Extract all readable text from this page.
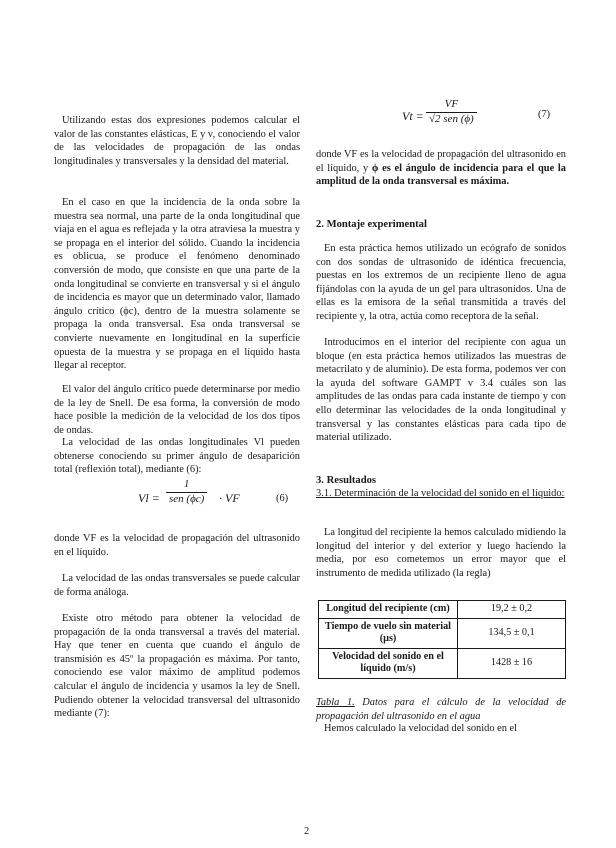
Utilizando estas dos expresiones podemos calcular el valor de las constantes elásticas, E y ν, conociendo el valor de las velocidades de propagación de las ondas longitudinales y transversales y la densidad del material.

En el caso en que la incidencia de la onda sobre la muestra sea normal, una parte de la onda longitudinal que viaja en el agua es reflejada y la otra atraviesa la muestra y se propaga en el interior del sólido. Cuando la incidencia es oblicua, se produce el fenómeno denominado conversión de modo, que consiste en que una parte de la onda longitudinal se convierte en transversal y si el ángulo de incidencia es mayor que un determinado valor, llamado ángulo crítico (ϕc), dentro de la muestra solamente se propaga la onda transversal. Esa onda transversal se convierte nuevamente en longitudinal en la superficie opuesta de la muestra y se propaga en el líquido hasta llegar al receptor.

El valor del ángulo crítico puede determinarse por medio de la ley de Snell. De esa forma, la conversión de modo hace posible la medición de la velocidad de los dos tipos de ondas.

La velocidad de las ondas longitudinales Vl pueden obtenerse conociendo su primer ángulo de desaparición total (reflexión total), mediante (6):

Vl =
1
sen (ϕc) · VF	(6)

donde VF es la velocidad de propagación del ultrasonido en el líquido.

La velocidad de las ondas transversales se puede calcular de forma análoga.

Existe otro método para obtener la velocidad de propagación de la onda transversal a través del material. Hay que tener en cuenta que cuando el ángulo de transmisión es 45º la propagación es máxima. Por tanto, conociendo ese valor máximo de amplitud podemos calcular el ángulo de incidencia y usamos la ley de Snell. Pudiendo obtener la velocidad transversal del ultrasonido mediante (7):

Vt =
VF
√2 sen (ϕ)	(7)

donde VF es la velocidad de propagación del ultrasonido en el líquido, y ϕ es el ángulo de incidencia para el que la amplitud de la onda transversal es máxima.

2. Montaje experimental

En esta práctica hemos utilizado un ecógrafo de sonidos con dos sondas de ultrasonido de idéntica frecuencia, puestas en los extremos de un recipiente lleno de agua fijándolas con la ayuda de un gel para ultrasonidos. Una de ellas es la emisora de la señal transmitida a través del recipiente y, la otra, actúa como receptora de la señal.

Introducimos en el interior del recipiente con agua un bloque (en esta práctica hemos utilizados las muestras de metacrilato y de aluminio). De esta forma, podemos ver con la ayuda del software GAMPT v 3.4 cuáles son las amplitudes de las ondas para cada instante de tiempo y con ello determinar las velocidades de la onda longitudinal y transversal y las constantes elásticas para cada tipo de material utilizado.

3. Resultados
3.1. Determinación de la velocidad del sonido en el líquido:

La longitud del recipiente la hemos calculado midiendo la longitud del interior y del exterior y luego haciendo la media, por eso cometemos un error mayor que el instrumento de medida utilizado (la regla)

Longitud del recipiente (cm)	19,2 ± 0,2
Tiempo de vuelo sin material (µs)	134,5 ± 0,1
Velocidad del sonido en el líquido (m/s)	1428 ± 16

Tabla 1. Datos para el cálculo de la velocidad de propagación del ultrasonido en el agua

Hemos calculado la velocidad del sonido en el

2
